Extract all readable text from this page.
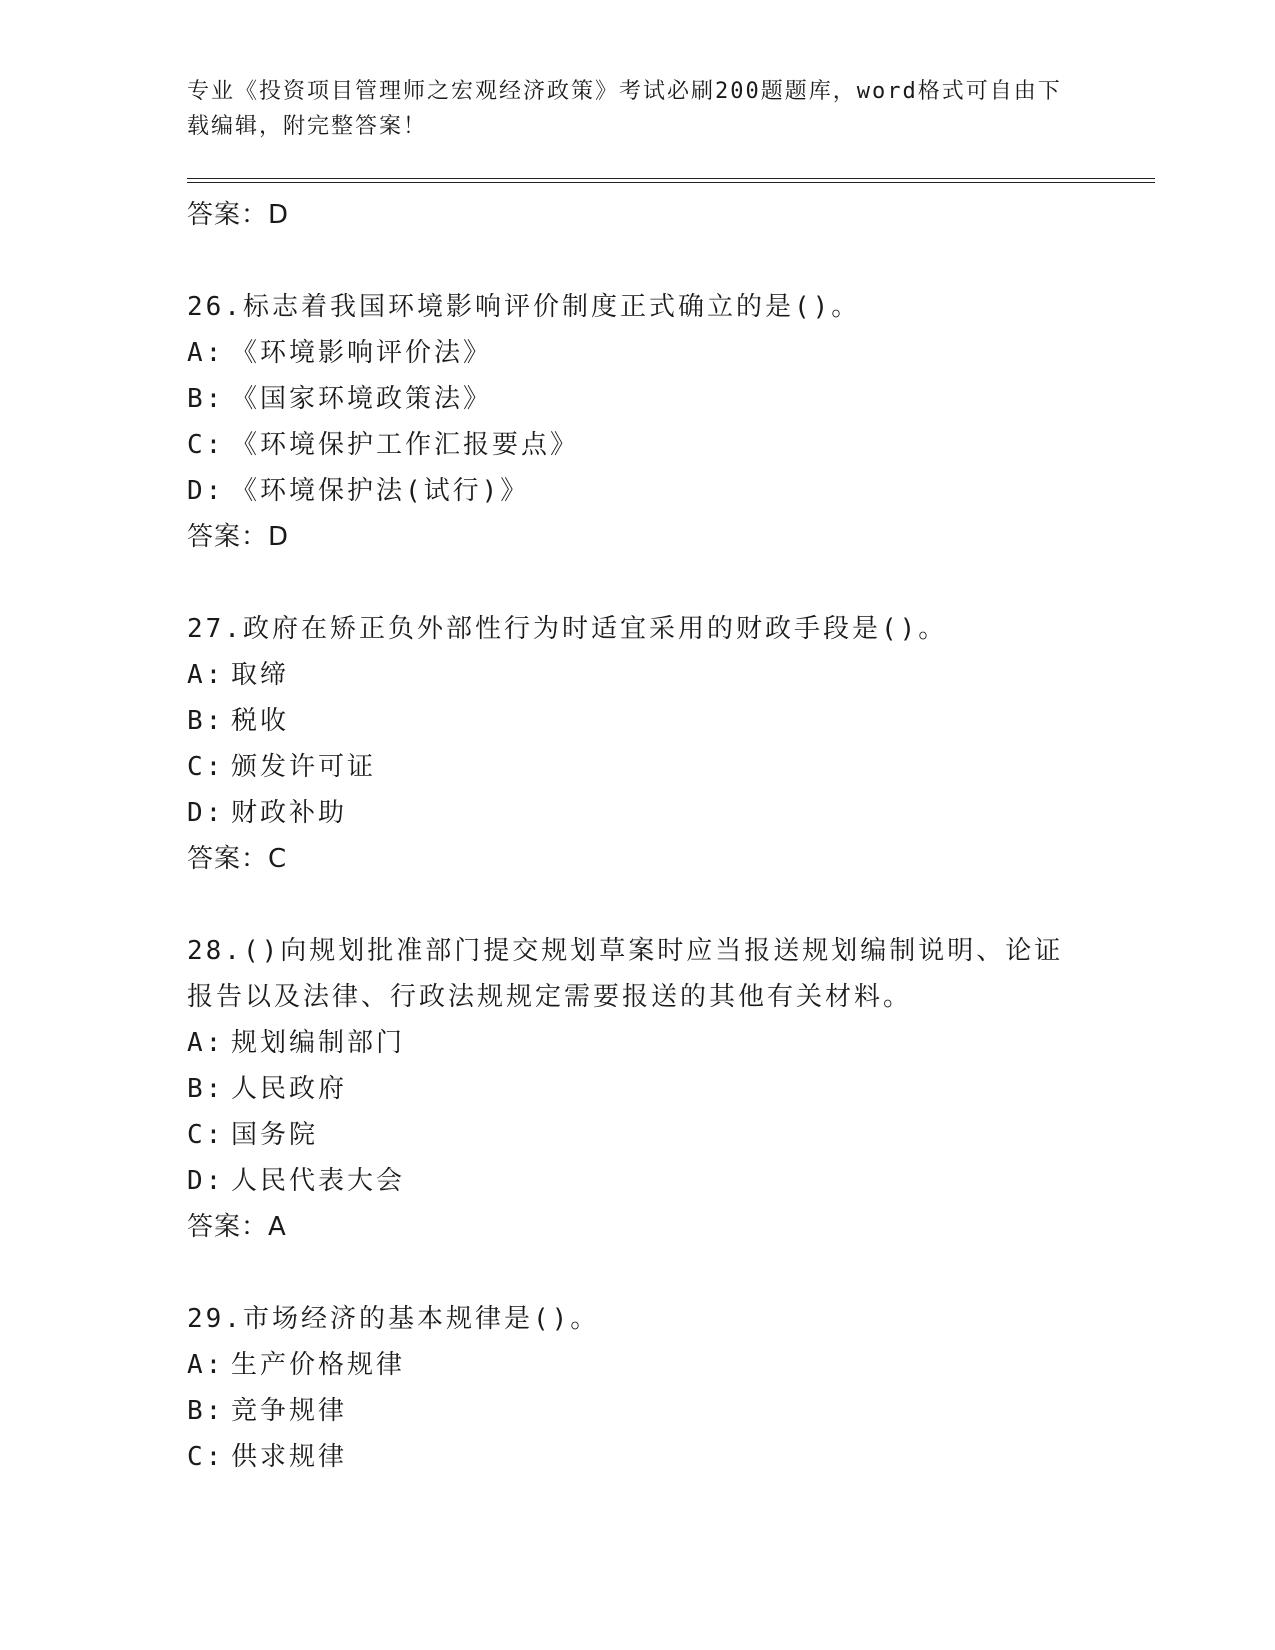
专业《投资项目管理师之宏观经济政策》考试必刷200题题库，word格式可自由下载编辑，附完整答案！
答案：D
26.标志着我国环境影响评价制度正式确立的是()。
A: 《环境影响评价法》
B: 《国家环境政策法》
C: 《环境保护工作汇报要点》
D: 《环境保护法(试行)》
答案：D
27.政府在矫正负外部性行为时适宜采用的财政手段是()。
A: 取缔
B: 税收
C: 颁发许可证
D: 财政补助
答案：C
28.()向规划批准部门提交规划草案时应当报送规划编制说明、论证报告以及法律、行政法规规定需要报送的其他有关材料。
A: 规划编制部门
B: 人民政府
C: 国务院
D: 人民代表大会
答案：A
29.市场经济的基本规律是()。
A: 生产价格规律
B: 竞争规律
C: 供求规律
